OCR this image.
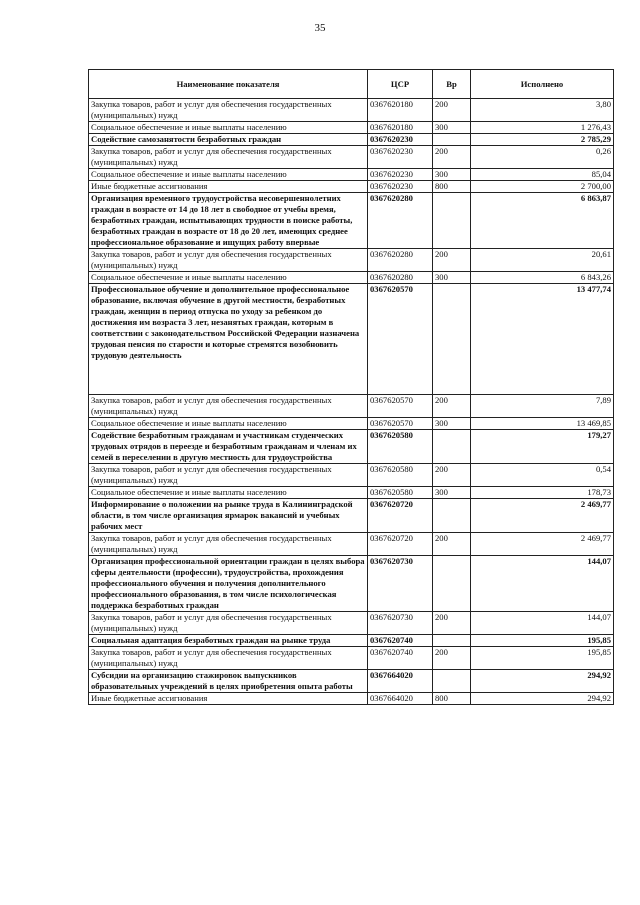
35
Наименование показателя	ЦСР	Вр	Исполнено
Закупка товаров, работ и услуг для обеспечения государственных (муниципальных) нужд	0367620180	200	3,80
Социальное обеспечение и иные выплаты населению	0367620180	300	1 276,43
Содействие самозанятости безработных граждан	0367620230		2 785,29
Закупка товаров, работ и услуг для обеспечения государственных (муниципальных) нужд	0367620230	200	0,26
Социальное обеспечение и иные выплаты населению	0367620230	300	85,04
Иные бюджетные ассигнования	0367620230	800	2 700,00
Организация временного трудоустройства несовершеннолетних граждан в возрасте от 14 до 18 лет в свободное от учебы время, безработных граждан, испытывающих трудности в поиске работы, безработных граждан в возрасте от 18 до 20 лет, имеющих среднее профессиональное образование и ищущих работу впервые	0367620280		6 863,87
Закупка товаров, работ и услуг для обеспечения государственных (муниципальных) нужд	0367620280	200	20,61
Социальное обеспечение и иные выплаты населению	0367620280	300	6 843,26
Профессиональное обучение и дополнительное профессиональное образование, включая обучение в другой местности, безработных граждан, женщин в период отпуска по уходу за ребенком до достижения им возраста 3 лет, незанятых граждан, которым в соответствии с законодательством Российской Федерации назначена трудовая пенсия по старости и которые стремятся возобновить трудовую деятельность	0367620570		13 477,74
Закупка товаров, работ и услуг для обеспечения государственных (муниципальных) нужд	0367620570	200	7,89
Социальное обеспечение и иные выплаты населению	0367620570	300	13 469,85
Содействие безработным гражданам и участникам студенческих трудовых отрядов в переезде и безработным гражданам и членам их семей в переселении в другую местность для трудоустройства	0367620580		179,27
Закупка товаров, работ и услуг для обеспечения государственных (муниципальных) нужд	0367620580	200	0,54
Социальное обеспечение и иные выплаты населению	0367620580	300	178,73
Информирование о положении на рынке труда в Калининградской области, в том числе организация ярмарок вакансий и учебных рабочих мест	0367620720		2 469,77
Закупка товаров, работ и услуг для обеспечения государственных (муниципальных) нужд	0367620720	200	2 469,77
Организация профессиональной ориентации граждан в целях выбора сферы деятельности (профессии), трудоустройства, прохождения профессионального обучения и получения дополнительного профессионального образования, в том числе психологическая поддержка безработных граждан	0367620730		144,07
Закупка товаров, работ и услуг для обеспечения государственных (муниципальных) нужд	0367620730	200	144,07
Социальная адаптация безработных граждан на рынке труда	0367620740		195,85
Закупка товаров, работ и услуг для обеспечения государственных (муниципальных) нужд	0367620740	200	195,85
Субсидии на организацию стажировок выпускников образовательных учреждений в целях приобретения опыта работы	0367664020		294,92
Иные бюджетные ассигнования	0367664020	800	294,92
